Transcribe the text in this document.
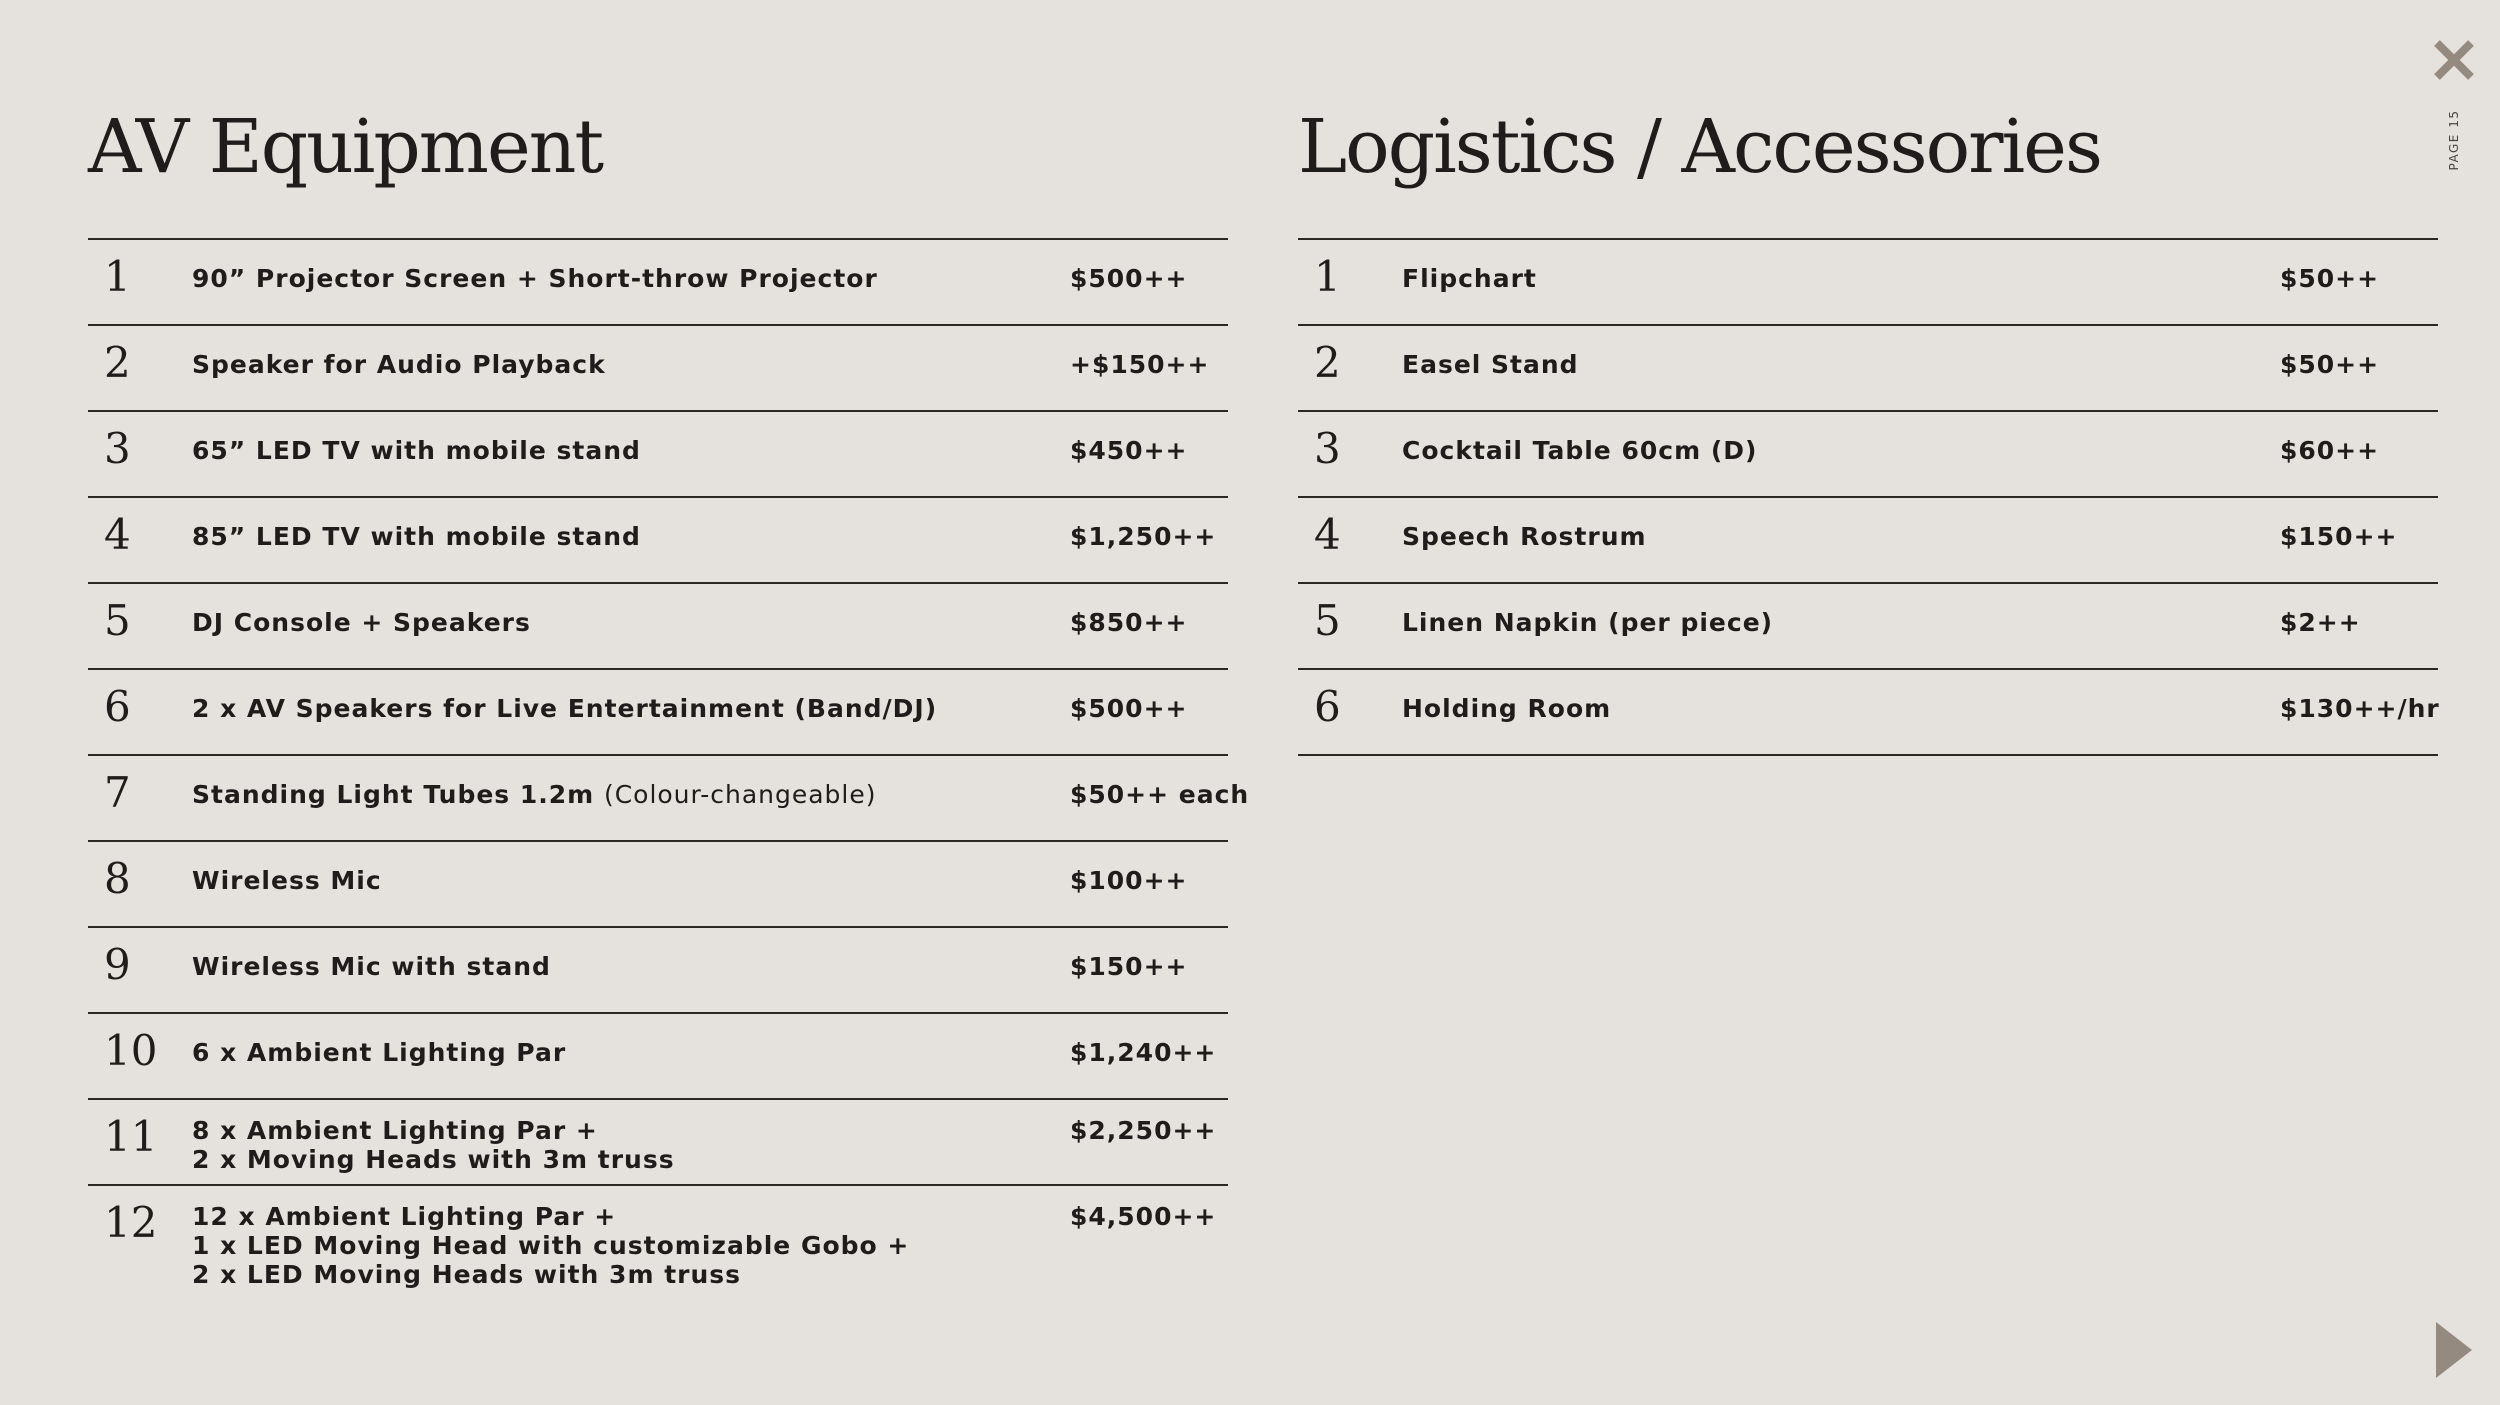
AV Equipment
1 90” Projector Screen + Short-throw Projector	$500++
2 Speaker for Audio Playback	+$150++
3 65” LED TV with mobile stand	$450++
4 85” LED TV with mobile stand	$1,250++
5 DJ Console + Speakers	$850++
6 2 x AV Speakers for Live Entertainment (Band/DJ)	$500++
7 Standing Light Tubes 1.2m (Colour-changeable)	$50++ each
8 Wireless Mic	$100++
9 Wireless Mic with stand	$150++
10 6 x Ambient Lighting Par	$1,240++
11 8 x Ambient Lighting Par +
2 x Moving Heads with 3m truss
$2,250++
12 12 x Ambient Lighting Par +
1 x LED Moving Head with customizable Gobo +
2 x LED Moving Heads with 3m truss
$4,500++
Logistics / Accessories
1 Flipchart	$50++
2 Easel Stand	$50++
3 Cocktail Table 60cm (D)	$60++
4 Speech Rostrum	$150++
5 Linen Napkin (per piece)	$2++
6 Holding Room	$130++/hr
PAGE 15
